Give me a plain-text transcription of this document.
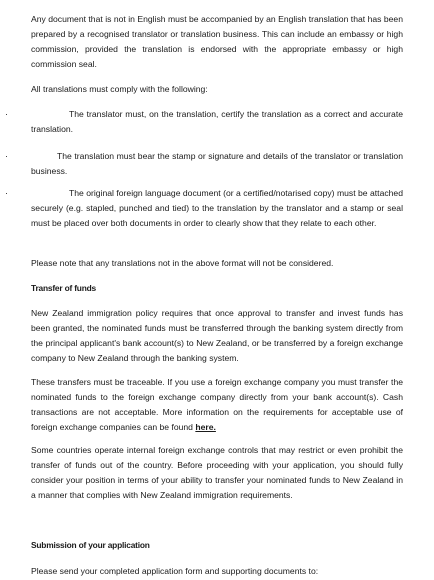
Any document that is not in English must be accompanied by an English translation that has been prepared by a recognised translator or translation business. This can include an embassy or high commission, provided the translation is endorsed with the appropriate embassy or high commission seal.

All translations must comply with the following:

·	The translator must, on the translation, certify the translation as a correct and accurate translation.

·	The translation must bear the stamp or signature and details of the translator or translation business.

·	The original foreign language document (or a certified/notarised copy) must be attached securely (e.g. stapled, punched and tied) to the translation by the translator and a stamp or seal must be placed over both documents in order to clearly show that they relate to each other.

Please note that any translations not in the above format will not be considered.

Transfer of funds

New Zealand immigration policy requires that once approval to transfer and invest funds has been granted, the nominated funds must be transferred through the banking system directly from the principal applicant's bank account(s) to New Zealand, or be transferred by a foreign exchange company to New Zealand through the banking system.

These transfers must be traceable. If you use a foreign exchange company you must transfer the nominated funds to the foreign exchange company directly from your bank account(s). Cash transactions are not acceptable. More information on the requirements for acceptable use of foreign exchange companies can be found here.

Some countries operate internal foreign exchange controls that may restrict or even prohibit the transfer of funds out of the country. Before proceeding with your application, you should fully consider your position in terms of your ability to transfer your nominated funds to New Zealand in a manner that complies with New Zealand immigration requirements.

Submission of your application

Please send your completed application form and supporting documents to:
